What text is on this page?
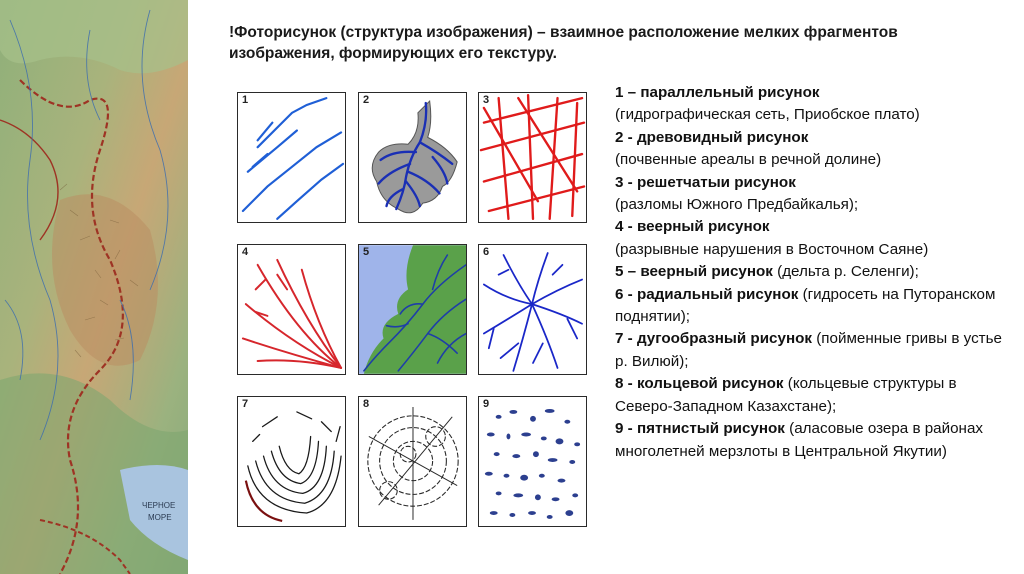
ЧЕРНОЕ
МОРЕ
!Фоторисунок (структура изображения) – взаимное расположение мелких фрагментов изображения, формирующих его текстуру.
1	2	3
4	5	6
7	8	9
1 – параллельный рисунок
(гидрографическая сеть, Приобское плато)
2 - древовидный рисунок
(почвенные ареалы в речной долине)
3 - решетчатыи рисунок
(разломы Южного Предбайкалья);
4 - веерный рисунок
(разрывные нарушения в Восточном Саяне)
5 – веерный рисунок (дельта р. Селенги);
6 - радиальный рисунок (гидросеть на Путоранском поднятии);
7 - дугообразный рисунок (пойменные гривы в устье р. Вилюй);
8 - кольцевой рисунок (кольцевые структуры в Северо-Западном Казахстане);
9 - пятнистый рисунок (аласовые озера в районах многолетней мерзлоты в Центральной Якутии)
